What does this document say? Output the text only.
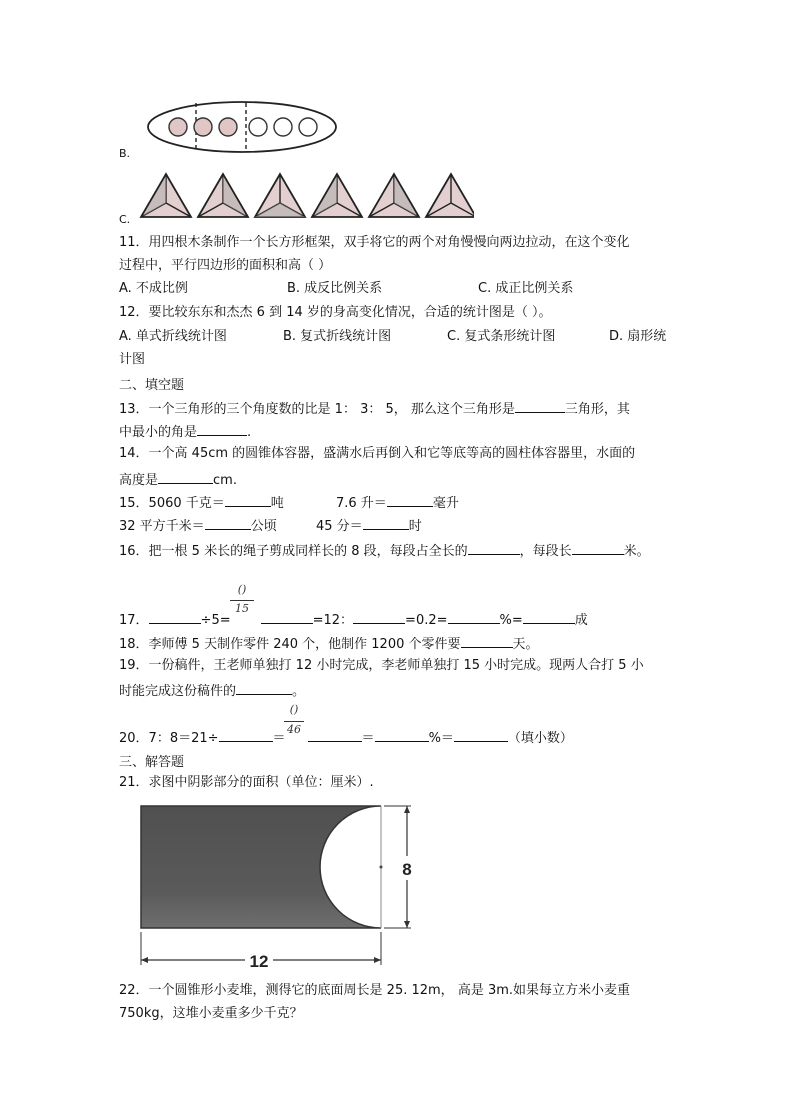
B.
C.
11．用四根木条制作一个长方形框架，双手将它的两个对角慢慢向两边拉动，在这个变化
过程中，平行四边形的面积和高（ ）
A. 不成比例	B. 成反比例关系	C. 成正比例关系
12．要比较东东和杰杰 6 到 14 岁的身高变化情况，合适的统计图是（ ）。
A. 单式折线统计图	B. 复式折线统计图	C. 复式条形统计图	D. 扇形统
计图
二、填空题
13．一个三角形的三个角度数的比是 1： 3： 5， 那么这个三角形是	三角形，其
中最小的角是	.
14．一个高 45cm 的圆锥体容器，盛满水后再倒入和它等底等高的圆柱体容器里，水面的
高度是	cm.
15．5060 千克＝	吨	7.6 升＝	毫升
32 平方千米＝	公顷	45 分＝	时
16．把一根 5 米长的绳子剪成同样长的 8 段，每段占全长的	，每段长	米。
()
15
17．	÷5=	=12：	=0.2=	%=	成
18．李师傅 5 天制作零件 240 个，他制作 1200 个零件要	天。
19．一份稿件，王老师单独打 12 小时完成，李老师单独打 15 小时完成。现两人合打 5 小
时能完成这份稿件的	。
()
46
20．7：8＝21÷	＝	＝	%＝	（填小数）
三、解答题
21．求图中阴影部分的面积（单位：厘米）.
8
12
22．一个圆锥形小麦堆，测得它的底面周长是 25. 12m， 高是 3m.如果每立方米小麦重
750kg，这堆小麦重多少千克？
